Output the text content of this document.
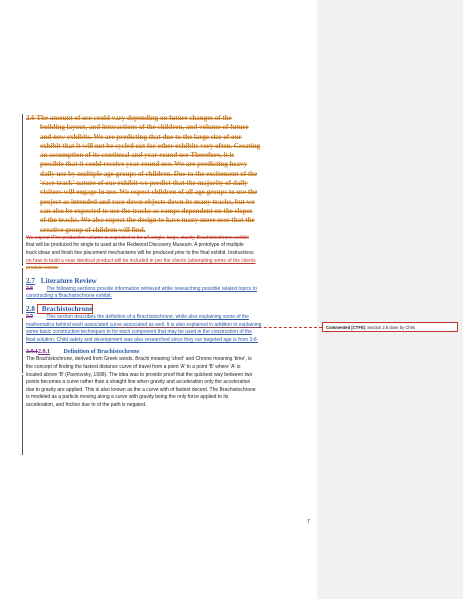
2.6 The amount of use could vary depending on future changes of the
building layout, and interactions of the children, and volume of future
and new exhibits. We are predicting that due to the large size of our
exhibit that it will not be cycled out for other exhibits very often. Creating
an assumption of its continual and year round use Therefore, it is
possible that it could receive year-round use. We are predicting heavy
daily use by multiple age groups of children. Due to the excitement of the
'race track' nature of our exhibit we predict that the majority of daily
visitors will engage in use. We expect children of all age groups to use the
project as intended and race down objects down its many tracks, but we
can also be expected to use the tracks as ramps dependent on the slopes
of the tracks. We also expect the design to have many more uses that the
creative group of children will find.
We expect tThe production volume is expected to be aA single, large, sturdy, Brachistochrone exhibit
that will be produced for single to used at the Redwood Discovery Museum. A prototype of multiple
track ideas and finish line placement mechanisms will be produced prior to the final exhibit. Instructions
on how to build a near identical product will be included in per the clients (attempting some of the clients
product wants.
2.7 Literature Review
2.8	The following sections provide information retrieved while researching possible related topics to
constructing a Brachistochrone exhibit.
2.8 Brachistochrone
2.9	This section describes the definition of a Brachistochrone, while also explaining some of the
mathematics behind each associated curve associated as well. It is also explained in addition to explaining
some basic construction techniques to for each component that may be used in the construction of the
final solution. Child safety and development was also researched since they our targeted age is from 3-8.
2.9.12.8.1 Definition of Brachistochrone
The Brachistochrone, derived from Greek words, Brachi meaning 'short' and Chrone meaning 'time', is
the concept of finding the fastest distance curve of travel from a point 'A' to a point 'B' where 'A' is
located above 'B' (Pavnovsky, 1998). The idea was to provide proof that the quickest way between two
points becomes a curve rather than a straight line when gravity and acceleration only the acceleration
due to gravity are applied. This is also known as the a curve with of fastest decent. The Brachistochrone
is modeled as a particle moving along a curve with gravity being the only force applied to its
acceleration, and friction due to of the path is negated.
Commented [CTF5]: Section 2.8 done by Chris
7
